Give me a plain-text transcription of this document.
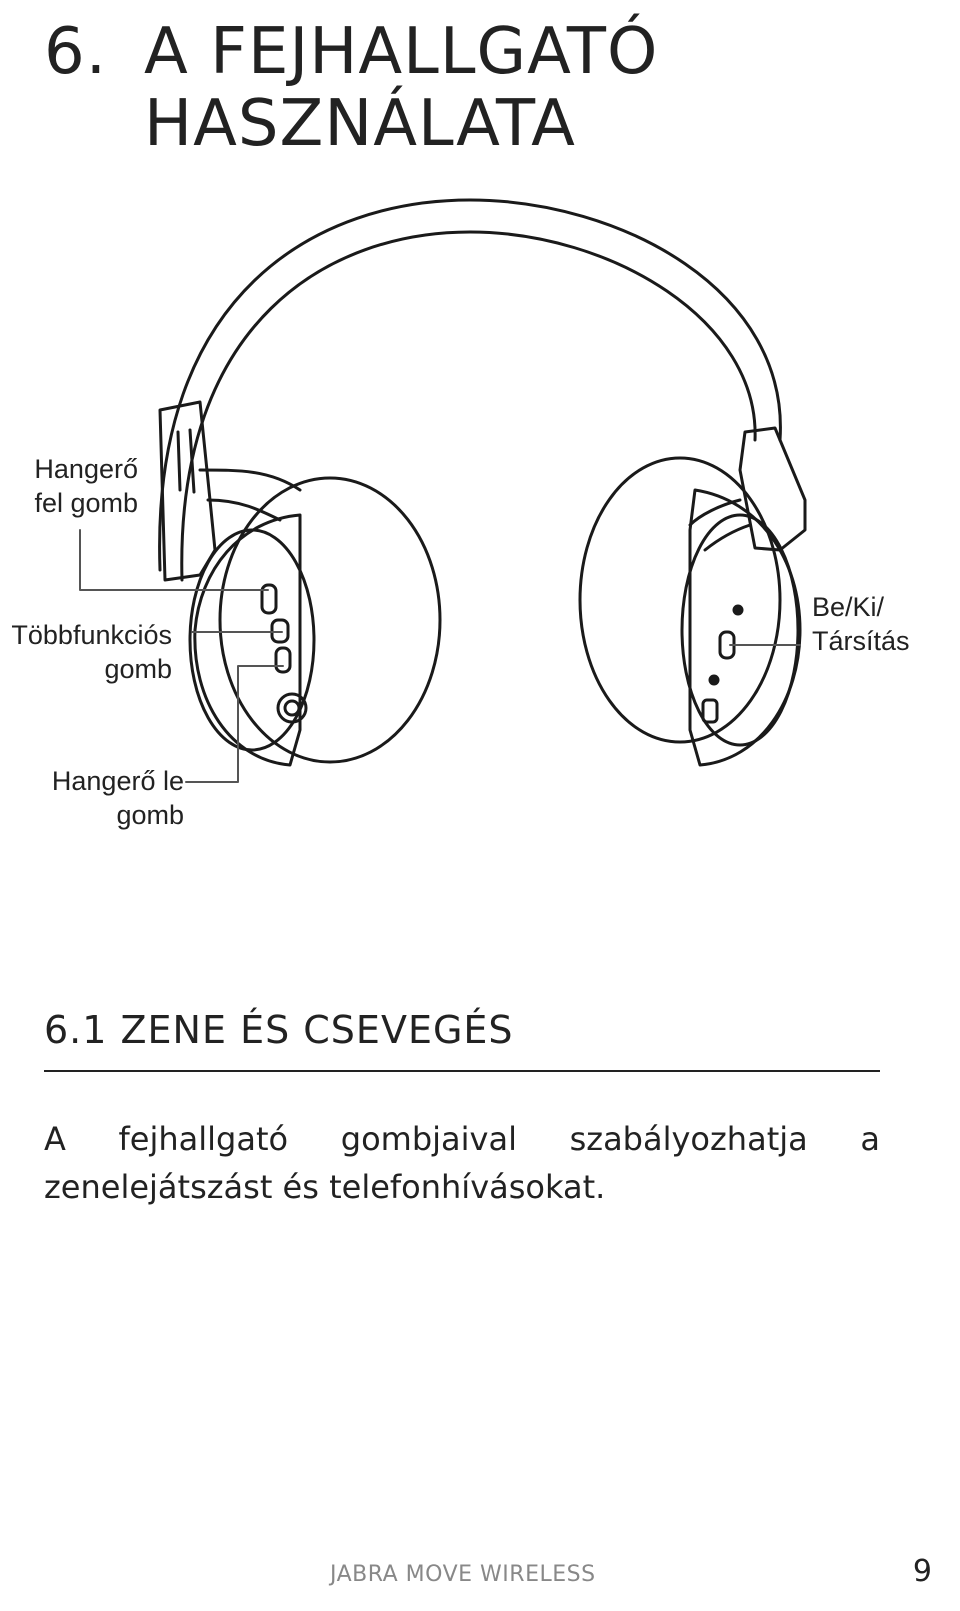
6. A FEJHALLGATÓ
HASZNÁLATA
Hangerő
fel gomb
Többfunkciós
gomb
Hangerő le
gomb
Be/Ki/
Társítás
6.1 ZENE ÉS CSEVEGÉS

A fejhallgató gombjaival szabályozhatja a zenelejátszást és telefonhívásokat.

JABRA MOVE WIRELESS	9
